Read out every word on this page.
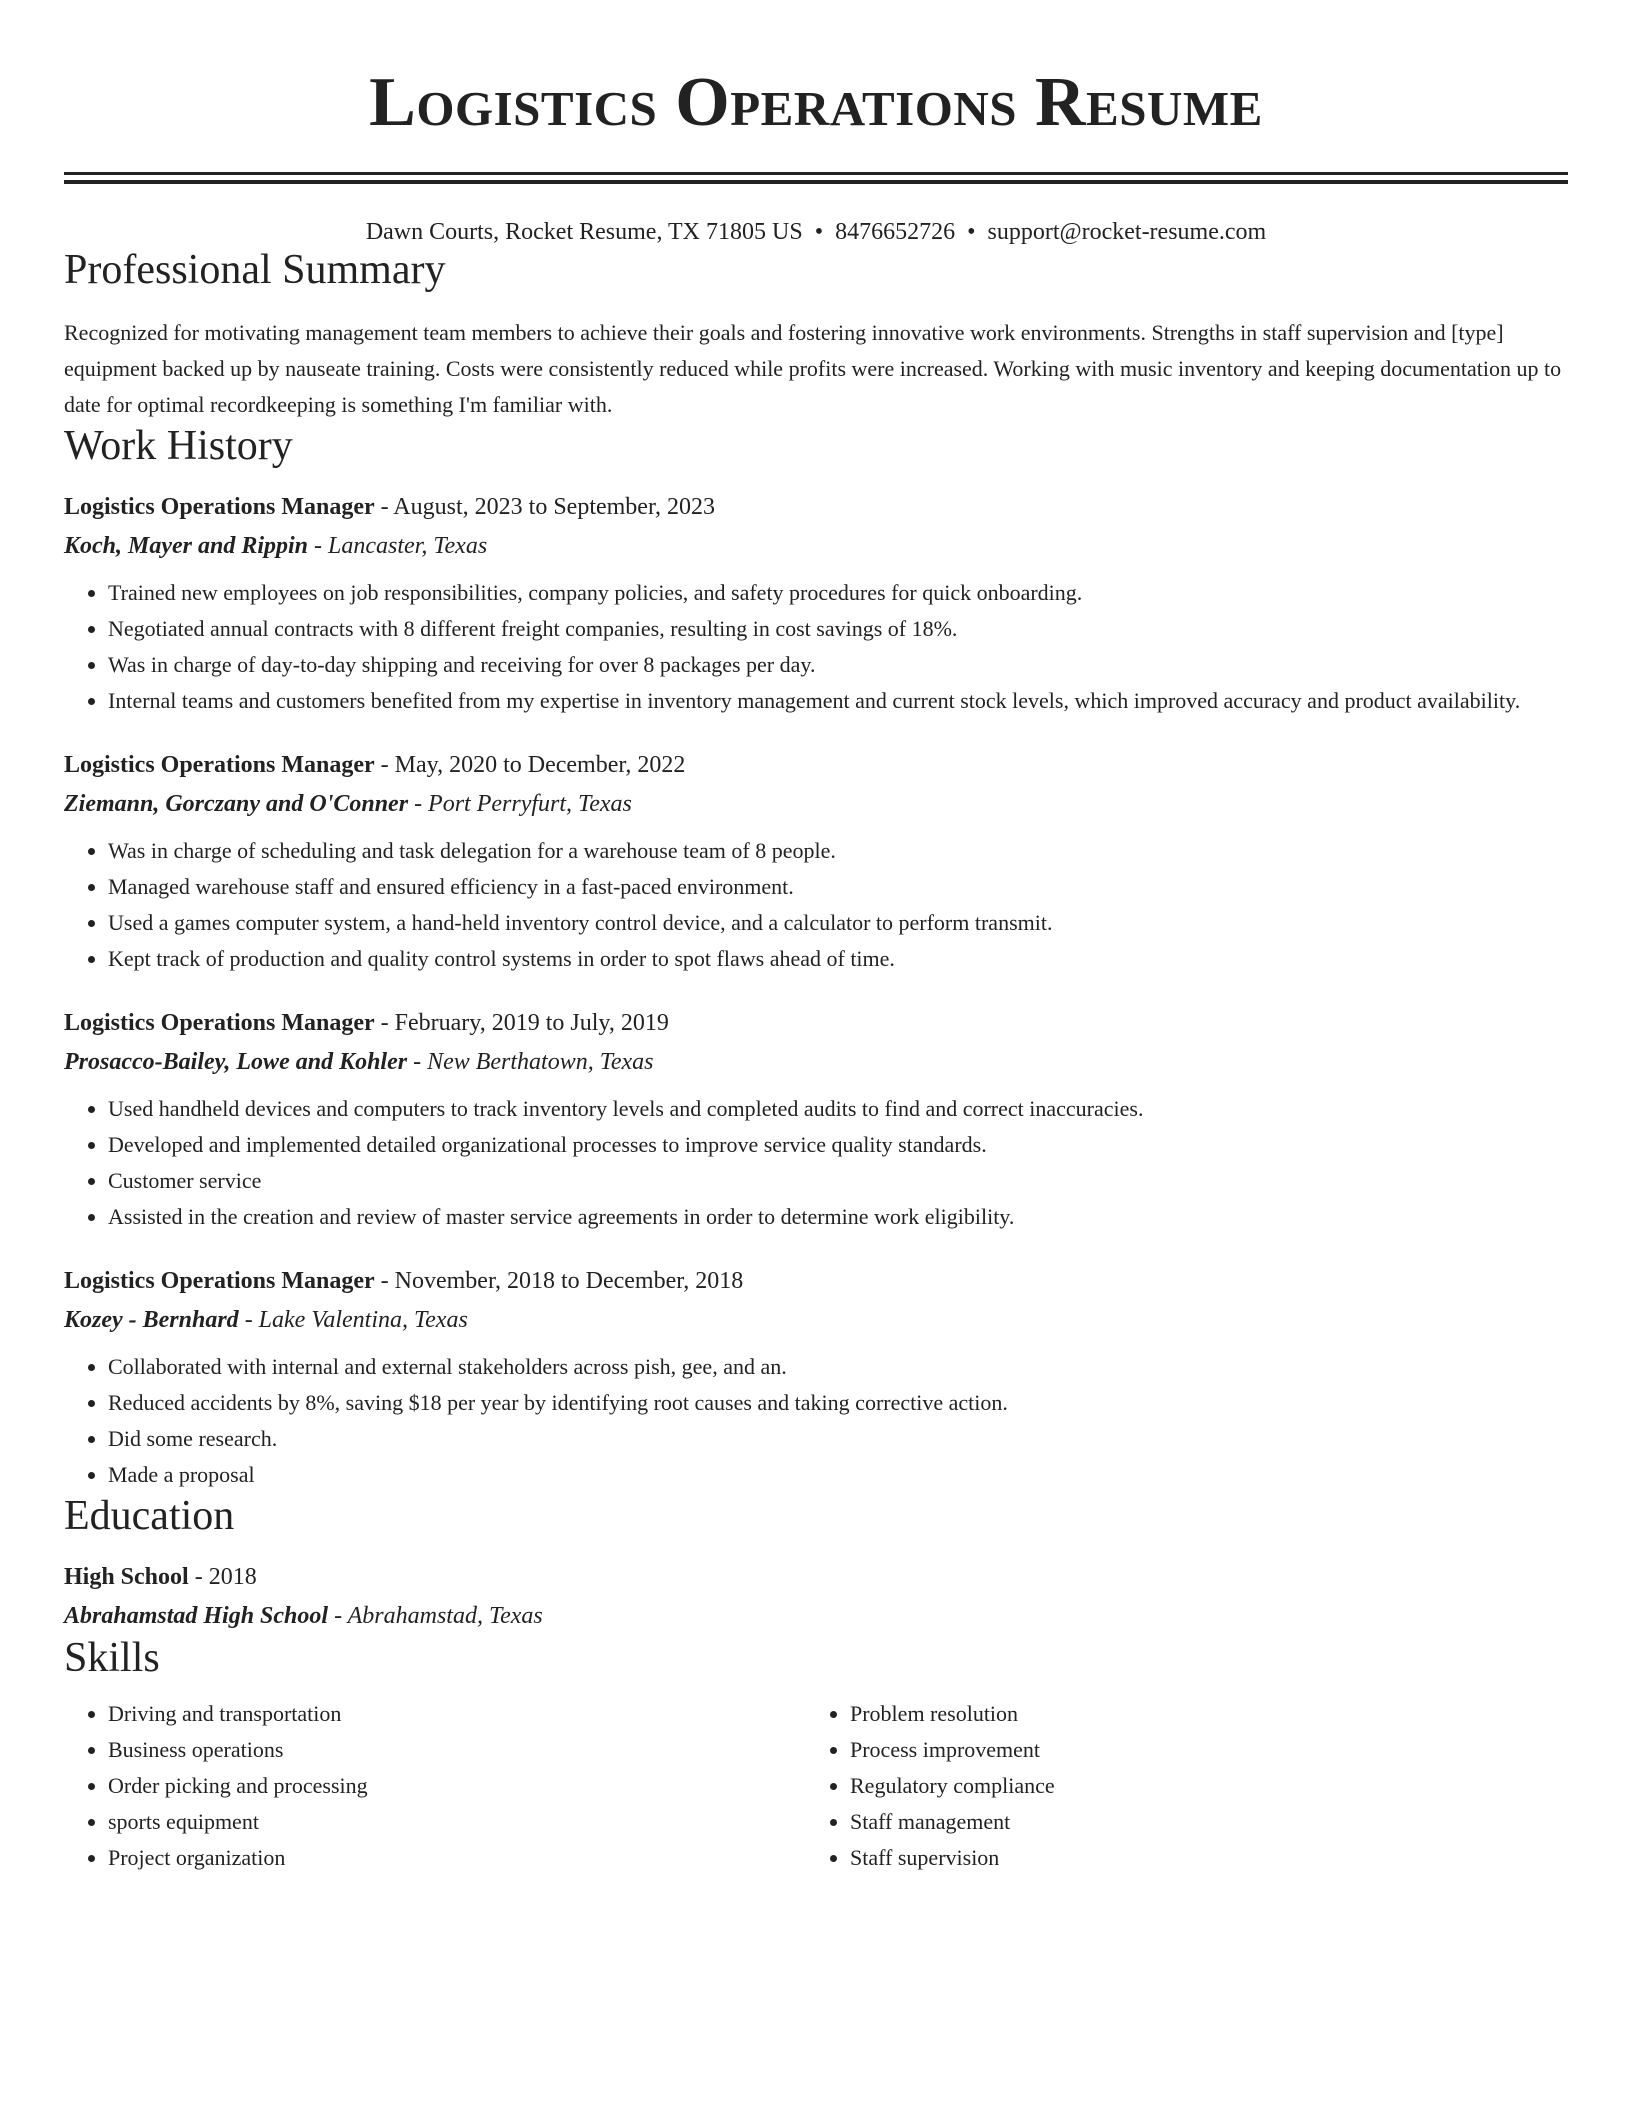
Logistics Operations Resume
Dawn Courts, Rocket Resume, TX 71805 US • 8476652726 • support@rocket-resume.com
Professional Summary

Recognized for motivating management team members to achieve their goals and fostering innovative work environments. Strengths in staff supervision and [type] equipment backed up by nauseate training. Costs were consistently reduced while profits were increased. Working with music inventory and keeping documentation up to date for optimal recordkeeping is something I'm familiar with.

Work History
Logistics Operations Manager - August, 2023 to September, 2023
Koch, Mayer and Rippin - Lancaster, Texas
• Trained new employees on job responsibilities, company policies, and safety procedures for quick onboarding.
• Negotiated annual contracts with 8 different freight companies, resulting in cost savings of 18%.
• Was in charge of day-to-day shipping and receiving for over 8 packages per day.
• Internal teams and customers benefited from my expertise in inventory management and current stock levels, which improved accuracy and product availability.
Logistics Operations Manager - May, 2020 to December, 2022
Ziemann, Gorczany and O'Conner - Port Perryfurt, Texas
• Was in charge of scheduling and task delegation for a warehouse team of 8 people.
• Managed warehouse staff and ensured efficiency in a fast-paced environment.
• Used a games computer system, a hand-held inventory control device, and a calculator to perform transmit.
• Kept track of production and quality control systems in order to spot flaws ahead of time.
Logistics Operations Manager - February, 2019 to July, 2019
Prosacco-Bailey, Lowe and Kohler - New Berthatown, Texas
• Used handheld devices and computers to track inventory levels and completed audits to find and correct inaccuracies.
• Developed and implemented detailed organizational processes to improve service quality standards.
• Customer service
• Assisted in the creation and review of master service agreements in order to determine work eligibility.
Logistics Operations Manager - November, 2018 to December, 2018
Kozey - Bernhard - Lake Valentina, Texas
• Collaborated with internal and external stakeholders across pish, gee, and an.
• Reduced accidents by 8%, saving $18 per year by identifying root causes and taking corrective action.
• Did some research.
• Made a proposal
Education
High School - 2018
Abrahamstad High School - Abrahamstad, Texas
Skills
• Driving and transportation
• Business operations
• Order picking and processing
• sports equipment
• Project organization
• Problem resolution
• Process improvement
• Regulatory compliance
• Staff management
• Staff supervision
